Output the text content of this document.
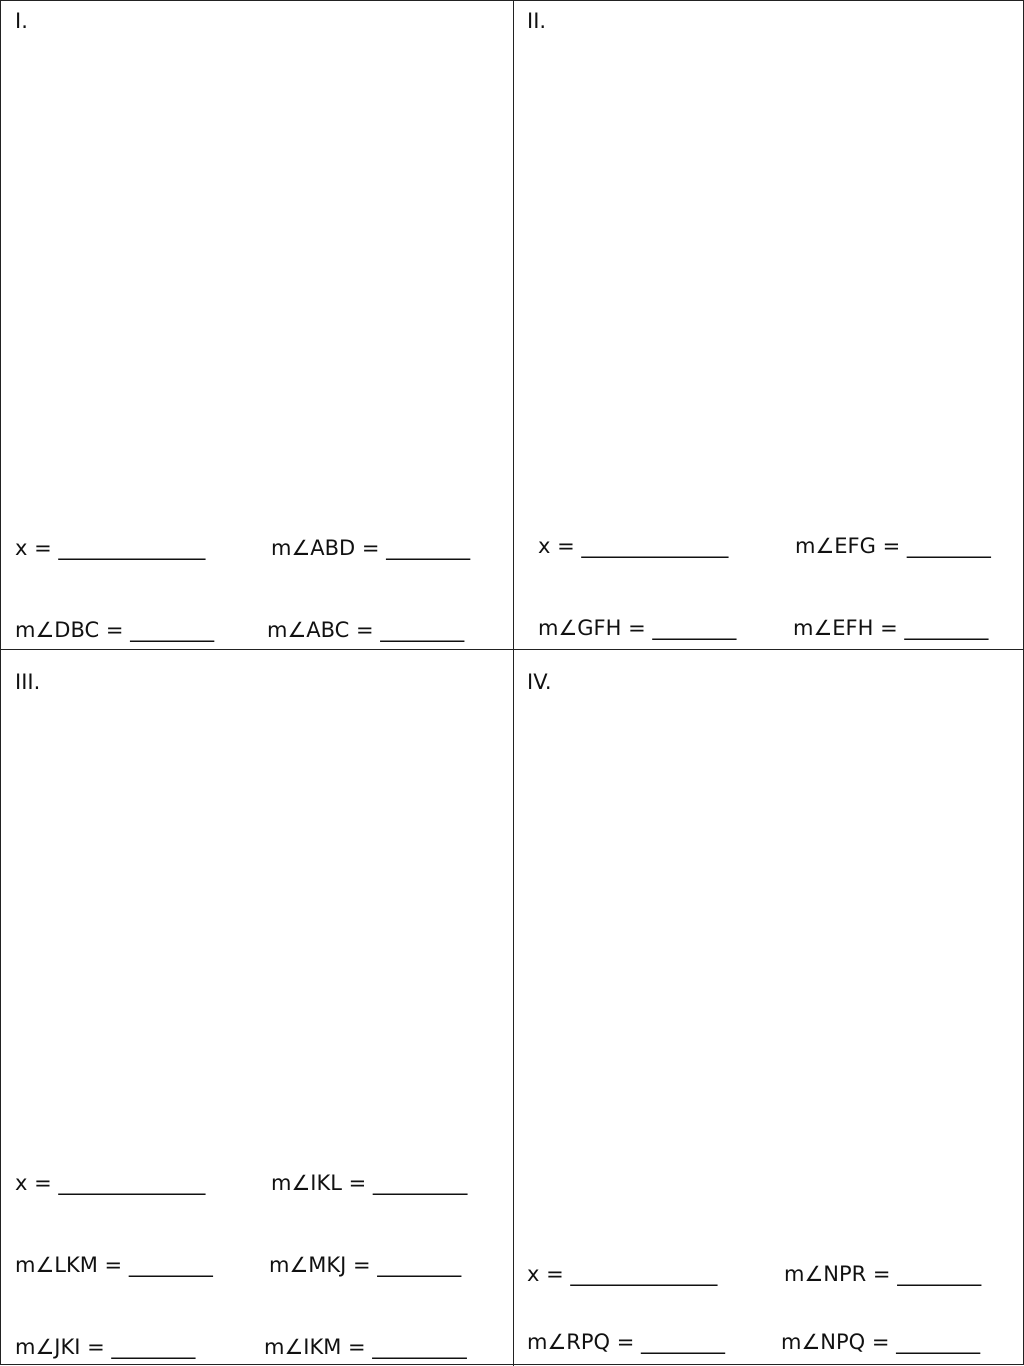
I.
x = ______________	m∠ABD = ________
m∠DBC = ________	m∠ABC = ________
II.
x = ______________	m∠EFG = ________
m∠GFH = ________	m∠EFH = ________
III.
x = ______________	m∠IKL = _________
m∠LKM = ________	m∠MKJ = ________
m∠JKI = ________	m∠IKM = _________
IV.
x = ______________	m∠NPR = ________
m∠RPQ = ________	m∠NPQ = ________
